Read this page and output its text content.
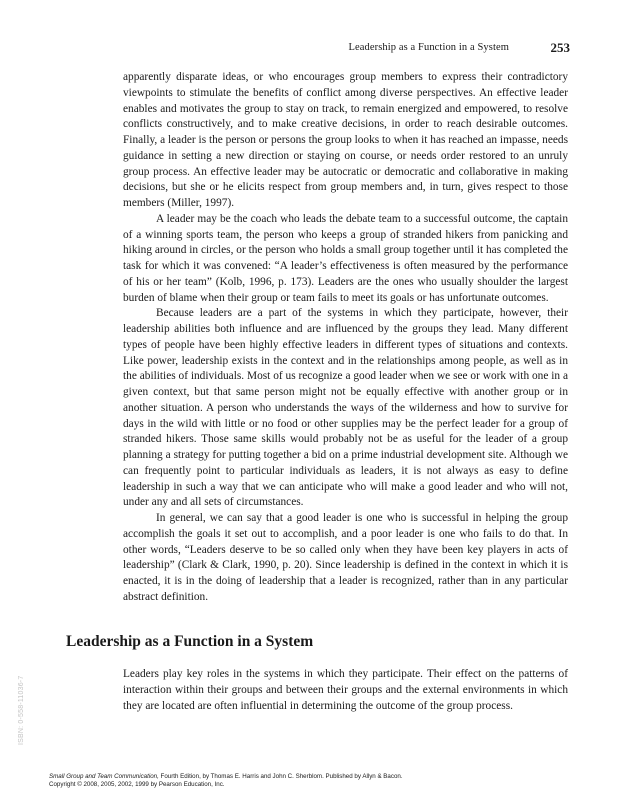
Leadership as a Function in a System	253

apparently disparate ideas, or who encourages group members to express their contradictory viewpoints to stimulate the benefits of conflict among diverse perspectives. An effective leader enables and motivates the group to stay on track, to remain energized and empowered, to resolve conflicts constructively, and to make creative decisions, in order to reach desirable outcomes. Finally, a leader is the person or persons the group looks to when it has reached an impasse, needs guidance in setting a new direction or staying on course, or needs order restored to an unruly group process. An effective leader may be autocratic or democratic and collaborative in making decisions, but she or he elicits respect from group members and, in turn, gives respect to those members (Miller, 1997).

A leader may be the coach who leads the debate team to a successful outcome, the captain of a winning sports team, the person who keeps a group of stranded hikers from panicking and hiking around in circles, or the person who holds a small group together until it has completed the task for which it was convened: “A leader’s effectiveness is often measured by the performance of his or her team” (Kolb, 1996, p. 173). Leaders are the ones who usually shoulder the largest burden of blame when their group or team fails to meet its goals or has unfortunate outcomes.

Because leaders are a part of the systems in which they participate, however, their leadership abilities both influence and are influenced by the groups they lead. Many different types of people have been highly effective leaders in different types of situations and contexts. Like power, leadership exists in the context and in the relationships among people, as well as in the abilities of individuals. Most of us recognize a good leader when we see or work with one in a given context, but that same person might not be equally effective with another group or in another situation. A person who understands the ways of the wilderness and how to survive for days in the wild with little or no food or other supplies may be the perfect leader for a group of stranded hikers. Those same skills would probably not be as useful for the leader of a group planning a strategy for putting together a bid on a prime industrial development site. Although we can frequently point to particular individuals as leaders, it is not always as easy to define leadership in such a way that we can anticipate who will make a good leader and who will not, under any and all sets of circumstances.

In general, we can say that a good leader is one who is successful in helping the group accomplish the goals it set out to accomplish, and a poor leader is one who fails to do that. In other words, “Leaders deserve to be so called only when they have been key players in acts of leadership” (Clark & Clark, 1990, p. 20). Since leadership is defined in the context in which it is enacted, it is in the doing of leadership that a leader is recognized, rather than in any particular abstract definition.

Leadership as a Function in a System

Leaders play key roles in the systems in which they participate. Their effect on the patterns of interaction within their groups and between their groups and the external environments in which they are located are often influential in determining the outcome of the group process.

ISBN: 0-558-11036-7
Small Group and Team Communication, Fourth Edition, by Thomas E. Harris and John C. Sherblom. Published by Allyn & Bacon.
Copyright © 2008, 2005, 2002, 1999 by Pearson Education, Inc.
